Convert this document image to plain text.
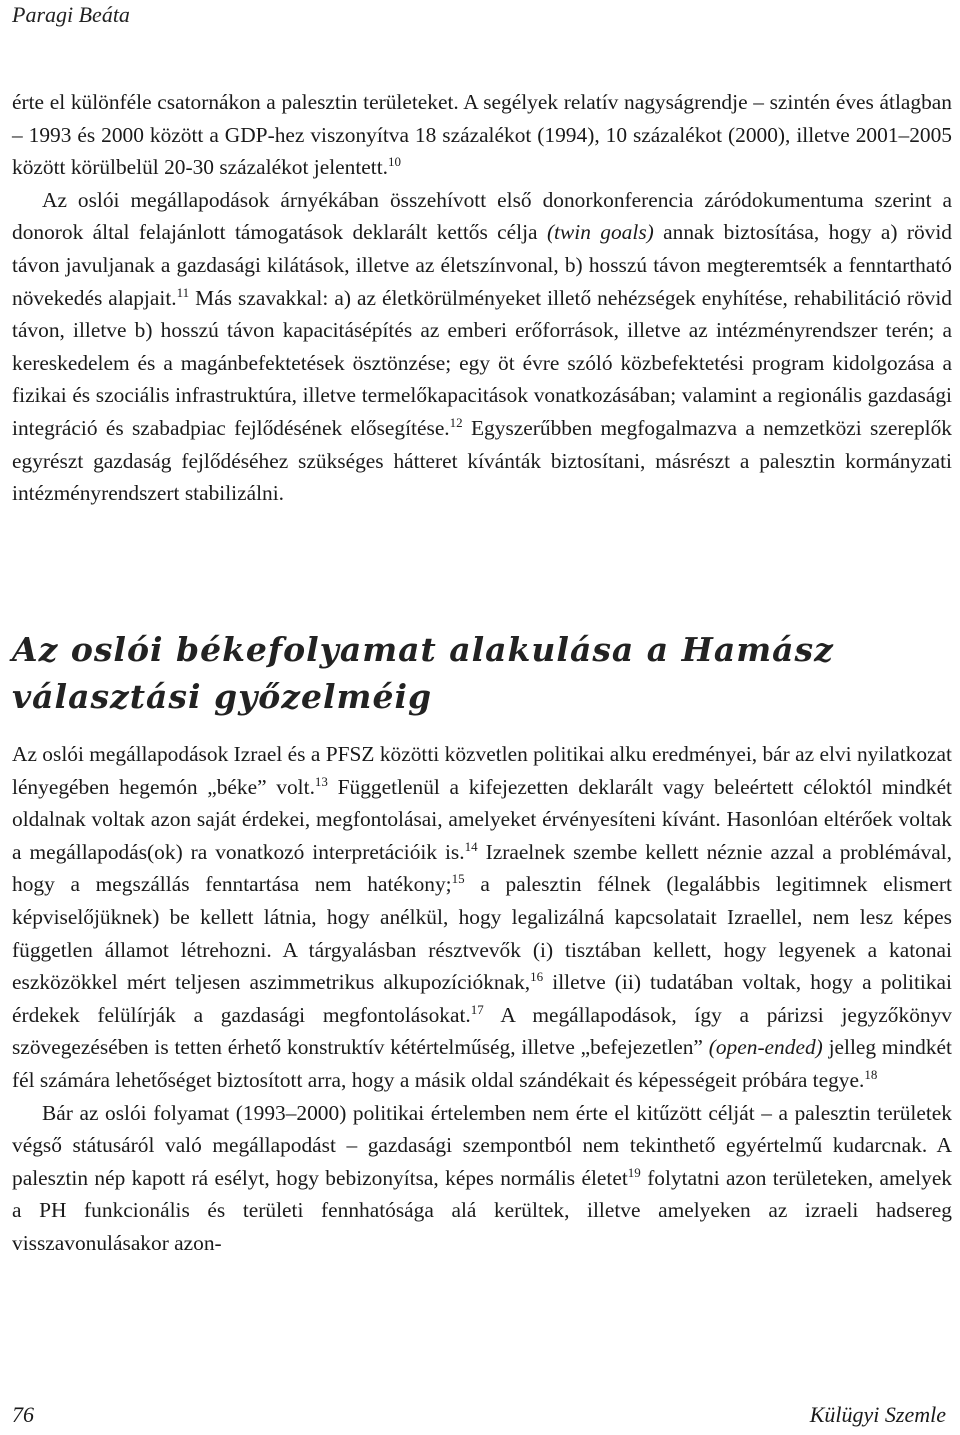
Paragi Beáta

érte el különféle csatornákon a palesztin területeket. A segélyek relatív nagyságrendje – szintén éves átlagban – 1993 és 2000 között a GDP-hez viszonyítva 18 százalékot (1994), 10 százalékot (2000), illetve 2001–2005 között körülbelül 20-30 százalékot jelentett.$^{10}$

Az oslói megállapodások árnyékában összehívott első donorkonferencia záródokumentuma szerint a donorok által felajánlott támogatások deklarált kettős célja (twin goals) annak biztosítása, hogy a) rövid távon javuljanak a gazdasági kilátások, illetve az életszínvonal, b) hosszú távon megteremtsék a fenntartható növekedés alapjait.$^{11}$ Más szavakkal: a) az életkörülményeket illető nehézségek enyhítése, rehabilitáció rövid távon, illetve b) hosszú távon kapacitásépítés az emberi erőforrások, illetve az intézményrendszer terén; a kereskedelem és a magánbefektetések ösztönzése; egy öt évre szóló közbefektetési program kidolgozása a fizikai és szociális infrastruktúra, illetve termelőkapacitások vonatkozásában; valamint a regionális gazdasági integráció és szabadpiac fejlődésének elősegítése.$^{12}$ Egyszerűbben megfogalmazva a nemzetközi szereplők egyrészt gazdaság fejlődéséhez szükséges hátteret kívánták biztosítani, másrészt a palesztin kormányzati intézményrendszert stabilizálni.

Az oslói békefolyamat alakulása a Hamász választási győzelméig

Az oslói megállapodások Izrael és a PFSZ közötti közvetlen politikai alku eredményei, bár az elvi nyilatkozat lényegében hegemón „béke” volt.$^{13}$ Függetlenül a kifejezetten deklarált vagy beleértett céloktól mindkét oldalnak voltak azon saját érdekei, megfontolásai, amelyeket érvényesíteni kívánt. Hasonlóan eltérőek voltak a megállapodás(ok) ra vonatkozó interpretációik is.$^{14}$ Izraelnek szembe kellett néznie azzal a problémával, hogy a megszállás fenntartása nem hatékony;$^{15}$ a palesztin félnek (legalábbis legitimnek elismert képviselőjüknek) be kellett látnia, hogy anélkül, hogy legalizálná kapcsolatait Izraellel, nem lesz képes független államot létrehozni. A tárgyalásban résztvevők (i) tisztában kellett, hogy legyenek a katonai eszközökkel mért teljesen aszimmetrikus alkupozícióknak,$^{16}$ illetve (ii) tudatában voltak, hogy a politikai érdekek felülírják a gazdasági megfontolásokat.$^{17}$ A megállapodások, így a párizsi jegyzőkönyv szövegezésében is tetten érhető konstruktív kétértelműség, illetve „befejezetlen” (open-ended) jelleg mindkét fél számára lehetőséget biztosított arra, hogy a másik oldal szándékait és képességeit próbára tegye.$^{18}$

Bár az oslói folyamat (1993–2000) politikai értelemben nem érte el kitűzött célját – a palesztin területek végső státusáról való megállapodást – gazdasági szempontból nem tekinthető egyértelmű kudarcnak. A palesztin nép kapott rá esélyt, hogy bebizonyítsa, képes normális életet$^{19}$ folytatni azon területeken, amelyek a PH funkcionális és területi fennhatósága alá kerültek, illetve amelyeken az izraeli hadsereg visszavonulásakor azon-

76	Külügyi Szemle
